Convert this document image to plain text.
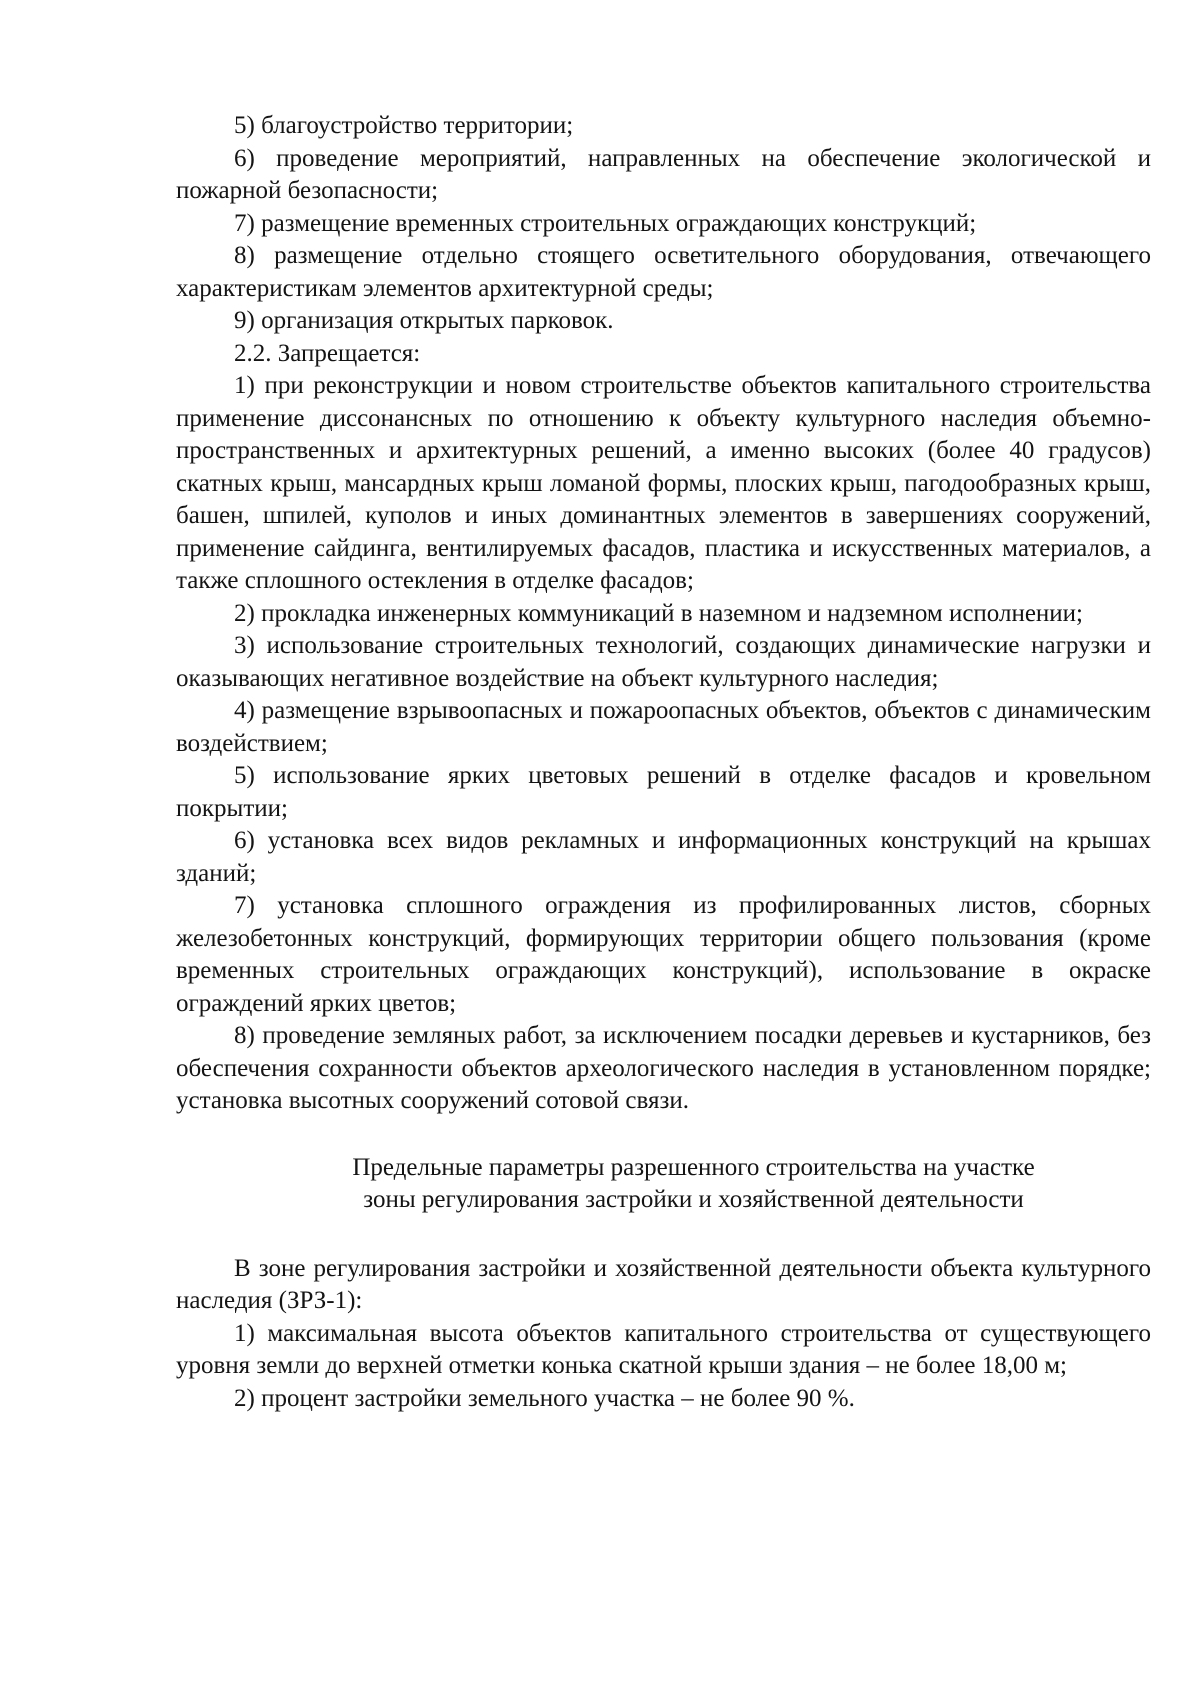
5) благоустройство территории;

6) проведение мероприятий, направленных на обеспечение экологической и пожарной безопасности;

7) размещение временных строительных ограждающих конструкций;

8) размещение отдельно стоящего осветительного оборудования, отвечающего характеристикам элементов архитектурной среды;

9) организация открытых парковок.

2.2. Запрещается:

1) при реконструкции и новом строительстве объектов капитального строительства применение диссонансных по отношению к объекту культурного наследия объемно-пространственных и архитектурных решений, а именно высоких (более 40 градусов) скатных крыш, мансардных крыш ломаной формы, плоских крыш, пагодообразных крыш, башен, шпилей, куполов и иных доминантных элементов в завершениях сооружений, применение сайдинга, вентилируемых фасадов, пластика и искусственных материалов, а также сплошного остекления в отделке фасадов;

2) прокладка инженерных коммуникаций в наземном и надземном исполнении;

3) использование строительных технологий, создающих динамические нагрузки и оказывающих негативное воздействие на объект культурного наследия;

4) размещение взрывоопасных и пожароопасных объектов, объектов с динамическим воздействием;

5) использование ярких цветовых решений в отделке фасадов и кровельном покрытии;

6) установка всех видов рекламных и информационных конструкций на крышах зданий;

7) установка сплошного ограждения из профилированных листов, сборных железобетонных конструкций, формирующих территории общего пользования (кроме временных строительных ограждающих конструкций), использование в окраске ограждений ярких цветов;

8) проведение земляных работ, за исключением посадки деревьев и кустарников, без обеспечения сохранности объектов археологического наследия в установленном порядке; установка высотных сооружений сотовой связи.

Предельные параметры разрешенного строительства на участке
зоны регулирования застройки и хозяйственной деятельности

В зоне регулирования застройки и хозяйственной деятельности объекта культурного наследия (ЗРЗ-1):

1) максимальная высота объектов капитального строительства от существующего уровня земли до верхней отметки конька скатной крыши здания – не более 18,00 м;

2) процент застройки земельного участка – не более 90 %.
